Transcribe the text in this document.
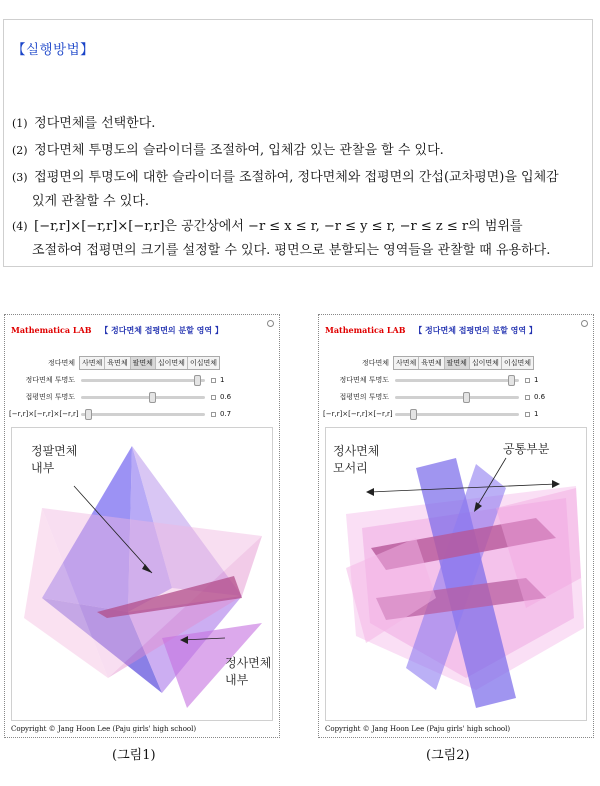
【실행방법】
(1) 정다면체를 선택한다.
(2) 정다면체 투명도의 슬라이더를 조절하여, 입체감 있는 관찰을 할 수 있다.
(3) 접평면의 투명도에 대한 슬라이더를 조절하여, 정다면체와 접평면의 간섭(교차평면)을 입체감
있게 관찰할 수 있다.
(4) [−r,r]×[−r,r]×[−r,r]은 공간상에서 −r ≤ x ≤ r, −r ≤ y ≤ r, −r ≤ z ≤ r의 범위를
조절하여 접평면의 크기를 설정할 수 있다. 평면으로 분할되는 영역들을 관찰할 때 유용하다.
Mathematica LAB 【 정다면체 접평면의 분할 영역 】
정다면체	사면체 육면체 팔면체 십이면체 이십면체
정다면체 투명도	1
접평면의 투명도	0.6
[−r,r]×[−r,r]×[−r,r]	0.7
정팔면체
내부
정사면체
내부
Copyright © Jang Hoon Lee (Paju girls' high school)
Mathematica LAB 【 정다면체 접평면의 분할 영역 】
정다면체	사면체 육면체 팔면체 십이면체 이십면체
정다면체 투명도	1
접평면의 투명도	0.6
[−r,r]×[−r,r]×[−r,r]	1
정사면체
모서리
공통부분
Copyright © Jang Hoon Lee (Paju girls' high school)
(그림1)	(그림2)
